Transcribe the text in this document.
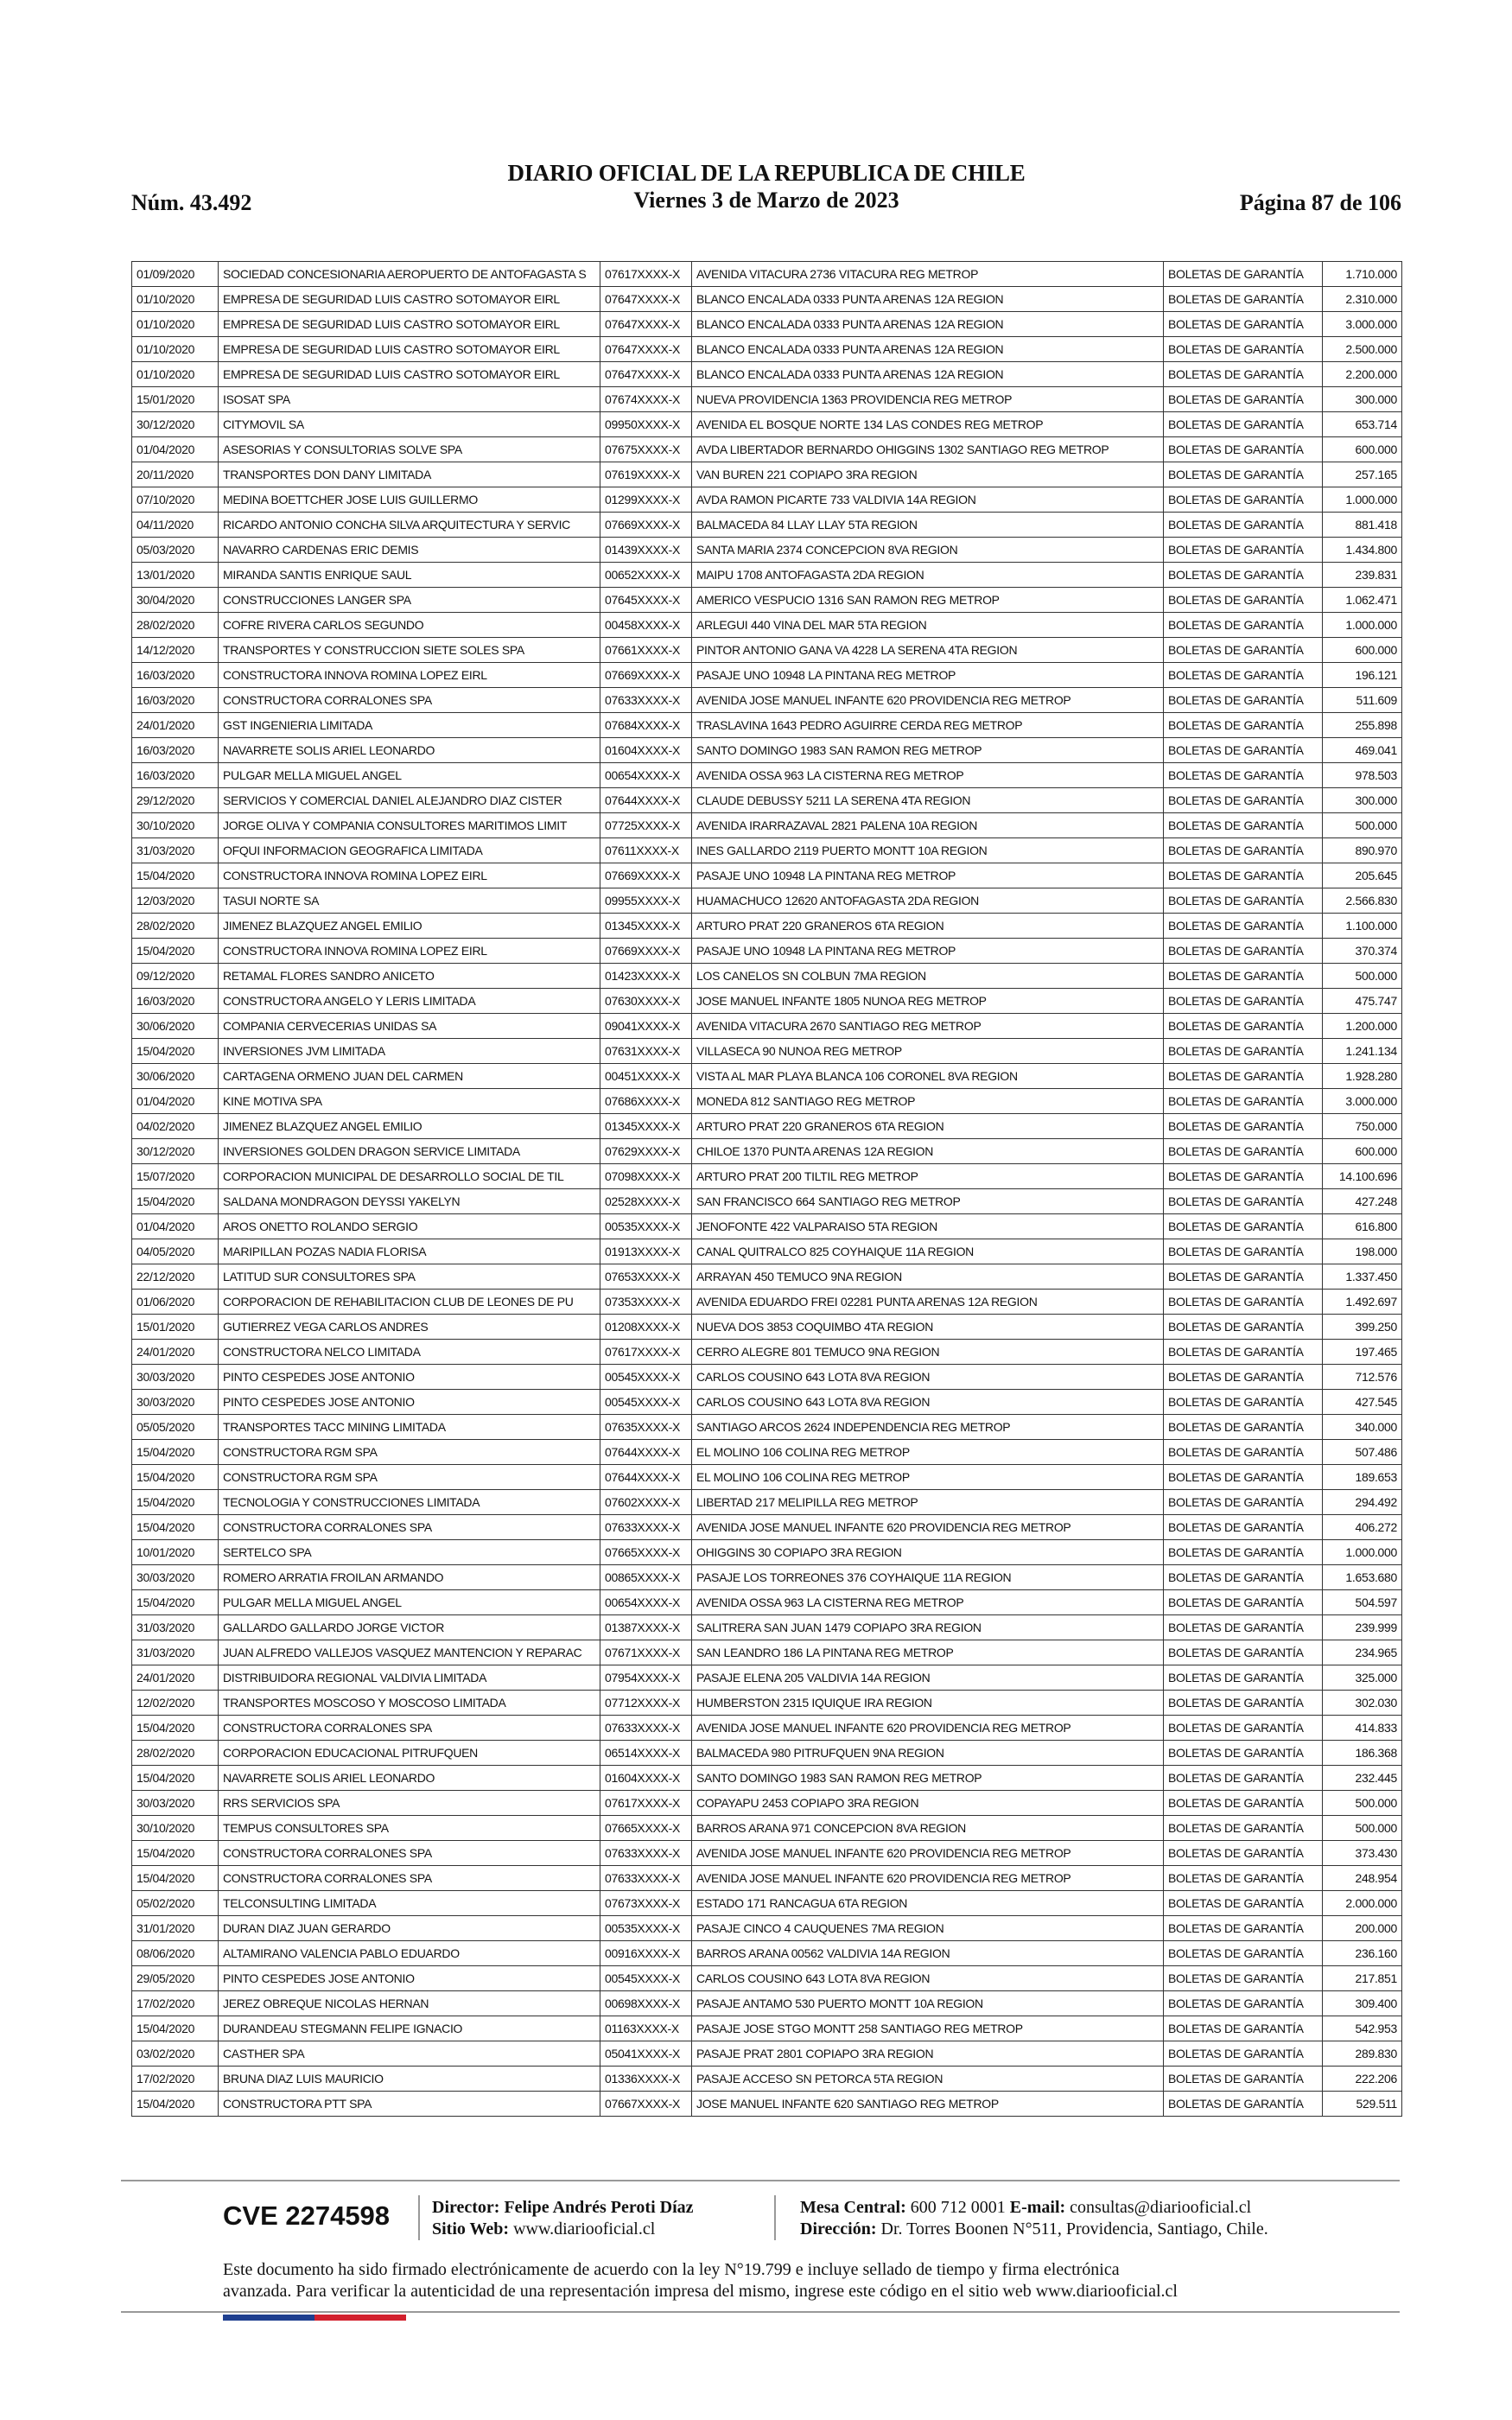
Núm. 43.492
DIARIO OFICIAL DE LA REPUBLICA DE CHILE
Viernes 3 de Marzo de 2023	Página 87 de 106
01/09/2020	SOCIEDAD CONCESIONARIA AEROPUERTO DE ANTOFAGASTA S	07617XXXX-X	AVENIDA VITACURA 2736 VITACURA REG METROP	BOLETAS DE GARANTÍA	1.710.000
01/10/2020	EMPRESA DE SEGURIDAD LUIS CASTRO SOTOMAYOR EIRL	07647XXXX-X	BLANCO ENCALADA 0333 PUNTA ARENAS 12A REGION	BOLETAS DE GARANTÍA	2.310.000
01/10/2020	EMPRESA DE SEGURIDAD LUIS CASTRO SOTOMAYOR EIRL	07647XXXX-X	BLANCO ENCALADA 0333 PUNTA ARENAS 12A REGION	BOLETAS DE GARANTÍA	3.000.000
01/10/2020	EMPRESA DE SEGURIDAD LUIS CASTRO SOTOMAYOR EIRL	07647XXXX-X	BLANCO ENCALADA 0333 PUNTA ARENAS 12A REGION	BOLETAS DE GARANTÍA	2.500.000
01/10/2020	EMPRESA DE SEGURIDAD LUIS CASTRO SOTOMAYOR EIRL	07647XXXX-X	BLANCO ENCALADA 0333 PUNTA ARENAS 12A REGION	BOLETAS DE GARANTÍA	2.200.000
15/01/2020	ISOSAT SPA	07674XXXX-X	NUEVA PROVIDENCIA 1363 PROVIDENCIA REG METROP	BOLETAS DE GARANTÍA	300.000
30/12/2020	CITYMOVIL SA	09950XXXX-X	AVENIDA EL BOSQUE NORTE 134 LAS CONDES REG METROP	BOLETAS DE GARANTÍA	653.714
01/04/2020	ASESORIAS Y CONSULTORIAS SOLVE SPA	07675XXXX-X	AVDA LIBERTADOR BERNARDO OHIGGINS 1302 SANTIAGO REG METROP	BOLETAS DE GARANTÍA	600.000
20/11/2020	TRANSPORTES DON DANY LIMITADA	07619XXXX-X	VAN BUREN 221 COPIAPO 3RA REGION	BOLETAS DE GARANTÍA	257.165
07/10/2020	MEDINA BOETTCHER JOSE LUIS GUILLERMO	01299XXXX-X	AVDA RAMON PICARTE 733 VALDIVIA 14A REGION	BOLETAS DE GARANTÍA	1.000.000
04/11/2020	RICARDO ANTONIO CONCHA SILVA ARQUITECTURA Y SERVIC	07669XXXX-X	BALMACEDA 84 LLAY LLAY 5TA REGION	BOLETAS DE GARANTÍA	881.418
05/03/2020	NAVARRO CARDENAS ERIC DEMIS	01439XXXX-X	SANTA MARIA 2374 CONCEPCION 8VA REGION	BOLETAS DE GARANTÍA	1.434.800
13/01/2020	MIRANDA SANTIS ENRIQUE SAUL	00652XXXX-X	MAIPU 1708 ANTOFAGASTA 2DA REGION	BOLETAS DE GARANTÍA	239.831
30/04/2020	CONSTRUCCIONES LANGER SPA	07645XXXX-X	AMERICO VESPUCIO 1316 SAN RAMON REG METROP	BOLETAS DE GARANTÍA	1.062.471
28/02/2020	COFRE RIVERA CARLOS SEGUNDO	00458XXXX-X	ARLEGUI 440 VINA DEL MAR 5TA REGION	BOLETAS DE GARANTÍA	1.000.000
14/12/2020	TRANSPORTES Y CONSTRUCCION SIETE SOLES SPA	07661XXXX-X	PINTOR ANTONIO GANA VA 4228 LA SERENA 4TA REGION	BOLETAS DE GARANTÍA	600.000
16/03/2020	CONSTRUCTORA INNOVA ROMINA LOPEZ EIRL	07669XXXX-X	PASAJE UNO 10948 LA PINTANA REG METROP	BOLETAS DE GARANTÍA	196.121
16/03/2020	CONSTRUCTORA CORRALONES SPA	07633XXXX-X	AVENIDA JOSE MANUEL INFANTE 620 PROVIDENCIA REG METROP	BOLETAS DE GARANTÍA	511.609
24/01/2020	GST INGENIERIA LIMITADA	07684XXXX-X	TRASLAVINA 1643 PEDRO AGUIRRE CERDA REG METROP	BOLETAS DE GARANTÍA	255.898
16/03/2020	NAVARRETE SOLIS ARIEL LEONARDO	01604XXXX-X	SANTO DOMINGO 1983 SAN RAMON REG METROP	BOLETAS DE GARANTÍA	469.041
16/03/2020	PULGAR MELLA MIGUEL ANGEL	00654XXXX-X	AVENIDA OSSA 963 LA CISTERNA REG METROP	BOLETAS DE GARANTÍA	978.503
29/12/2020	SERVICIOS Y COMERCIAL DANIEL ALEJANDRO DIAZ CISTER	07644XXXX-X	CLAUDE DEBUSSY 5211 LA SERENA 4TA REGION	BOLETAS DE GARANTÍA	300.000
30/10/2020	JORGE OLIVA Y COMPANIA CONSULTORES MARITIMOS LIMIT	07725XXXX-X	AVENIDA IRARRAZAVAL 2821 PALENA 10A REGION	BOLETAS DE GARANTÍA	500.000
31/03/2020	OFQUI INFORMACION GEOGRAFICA LIMITADA	07611XXXX-X	INES GALLARDO 2119 PUERTO MONTT 10A REGION	BOLETAS DE GARANTÍA	890.970
15/04/2020	CONSTRUCTORA INNOVA ROMINA LOPEZ EIRL	07669XXXX-X	PASAJE UNO 10948 LA PINTANA REG METROP	BOLETAS DE GARANTÍA	205.645
12/03/2020	TASUI NORTE SA	09955XXXX-X	HUAMACHUCO 12620 ANTOFAGASTA 2DA REGION	BOLETAS DE GARANTÍA	2.566.830
28/02/2020	JIMENEZ BLAZQUEZ ANGEL EMILIO	01345XXXX-X	ARTURO PRAT 220 GRANEROS 6TA REGION	BOLETAS DE GARANTÍA	1.100.000
15/04/2020	CONSTRUCTORA INNOVA ROMINA LOPEZ EIRL	07669XXXX-X	PASAJE UNO 10948 LA PINTANA REG METROP	BOLETAS DE GARANTÍA	370.374
09/12/2020	RETAMAL FLORES SANDRO ANICETO	01423XXXX-X	LOS CANELOS SN COLBUN 7MA REGION	BOLETAS DE GARANTÍA	500.000
16/03/2020	CONSTRUCTORA ANGELO Y LERIS LIMITADA	07630XXXX-X	JOSE MANUEL INFANTE 1805 NUNOA REG METROP	BOLETAS DE GARANTÍA	475.747
30/06/2020	COMPANIA CERVECERIAS UNIDAS SA	09041XXXX-X	AVENIDA VITACURA 2670 SANTIAGO REG METROP	BOLETAS DE GARANTÍA	1.200.000
15/04/2020	INVERSIONES JVM LIMITADA	07631XXXX-X	VILLASECA 90 NUNOA REG METROP	BOLETAS DE GARANTÍA	1.241.134
30/06/2020	CARTAGENA ORMENO JUAN DEL CARMEN	00451XXXX-X	VISTA AL MAR PLAYA BLANCA 106 CORONEL 8VA REGION	BOLETAS DE GARANTÍA	1.928.280
01/04/2020	KINE MOTIVA SPA	07686XXXX-X	MONEDA 812 SANTIAGO REG METROP	BOLETAS DE GARANTÍA	3.000.000
04/02/2020	JIMENEZ BLAZQUEZ ANGEL EMILIO	01345XXXX-X	ARTURO PRAT 220 GRANEROS 6TA REGION	BOLETAS DE GARANTÍA	750.000
30/12/2020	INVERSIONES GOLDEN DRAGON SERVICE LIMITADA	07629XXXX-X	CHILOE 1370 PUNTA ARENAS 12A REGION	BOLETAS DE GARANTÍA	600.000
15/07/2020	CORPORACION MUNICIPAL DE DESARROLLO SOCIAL DE TIL	07098XXXX-X	ARTURO PRAT 200 TILTIL REG METROP	BOLETAS DE GARANTÍA	14.100.696
15/04/2020	SALDANA MONDRAGON DEYSSI YAKELYN	02528XXXX-X	SAN FRANCISCO 664 SANTIAGO REG METROP	BOLETAS DE GARANTÍA	427.248
01/04/2020	AROS ONETTO ROLANDO SERGIO	00535XXXX-X	JENOFONTE 422 VALPARAISO 5TA REGION	BOLETAS DE GARANTÍA	616.800
04/05/2020	MARIPILLAN POZAS NADIA FLORISA	01913XXXX-X	CANAL QUITRALCO 825 COYHAIQUE 11A REGION	BOLETAS DE GARANTÍA	198.000
22/12/2020	LATITUD SUR CONSULTORES SPA	07653XXXX-X	ARRAYAN 450 TEMUCO 9NA REGION	BOLETAS DE GARANTÍA	1.337.450
01/06/2020	CORPORACION DE REHABILITACION CLUB DE LEONES DE PU	07353XXXX-X	AVENIDA EDUARDO FREI 02281 PUNTA ARENAS 12A REGION	BOLETAS DE GARANTÍA	1.492.697
15/01/2020	GUTIERREZ VEGA CARLOS ANDRES	01208XXXX-X	NUEVA DOS 3853 COQUIMBO 4TA REGION	BOLETAS DE GARANTÍA	399.250
24/01/2020	CONSTRUCTORA NELCO LIMITADA	07617XXXX-X	CERRO ALEGRE 801 TEMUCO 9NA REGION	BOLETAS DE GARANTÍA	197.465
30/03/2020	PINTO CESPEDES JOSE ANTONIO	00545XXXX-X	CARLOS COUSINO 643 LOTA 8VA REGION	BOLETAS DE GARANTÍA	712.576
30/03/2020	PINTO CESPEDES JOSE ANTONIO	00545XXXX-X	CARLOS COUSINO 643 LOTA 8VA REGION	BOLETAS DE GARANTÍA	427.545
05/05/2020	TRANSPORTES TACC MINING LIMITADA	07635XXXX-X	SANTIAGO ARCOS 2624 INDEPENDENCIA REG METROP	BOLETAS DE GARANTÍA	340.000
15/04/2020	CONSTRUCTORA RGM SPA	07644XXXX-X	EL MOLINO 106 COLINA REG METROP	BOLETAS DE GARANTÍA	507.486
15/04/2020	CONSTRUCTORA RGM SPA	07644XXXX-X	EL MOLINO 106 COLINA REG METROP	BOLETAS DE GARANTÍA	189.653
15/04/2020	TECNOLOGIA Y CONSTRUCCIONES LIMITADA	07602XXXX-X	LIBERTAD 217 MELIPILLA REG METROP	BOLETAS DE GARANTÍA	294.492
15/04/2020	CONSTRUCTORA CORRALONES SPA	07633XXXX-X	AVENIDA JOSE MANUEL INFANTE 620 PROVIDENCIA REG METROP	BOLETAS DE GARANTÍA	406.272
10/01/2020	SERTELCO SPA	07665XXXX-X	OHIGGINS 30 COPIAPO 3RA REGION	BOLETAS DE GARANTÍA	1.000.000
30/03/2020	ROMERO ARRATIA FROILAN ARMANDO	00865XXXX-X	PASAJE LOS TORREONES 376 COYHAIQUE 11A REGION	BOLETAS DE GARANTÍA	1.653.680
15/04/2020	PULGAR MELLA MIGUEL ANGEL	00654XXXX-X	AVENIDA OSSA 963 LA CISTERNA REG METROP	BOLETAS DE GARANTÍA	504.597
31/03/2020	GALLARDO GALLARDO JORGE VICTOR	01387XXXX-X	SALITRERA SAN JUAN 1479 COPIAPO 3RA REGION	BOLETAS DE GARANTÍA	239.999
31/03/2020	JUAN ALFREDO VALLEJOS VASQUEZ MANTENCION Y REPARAC	07671XXXX-X	SAN LEANDRO 186 LA PINTANA REG METROP	BOLETAS DE GARANTÍA	234.965
24/01/2020	DISTRIBUIDORA REGIONAL VALDIVIA LIMITADA	07954XXXX-X	PASAJE ELENA 205 VALDIVIA 14A REGION	BOLETAS DE GARANTÍA	325.000
12/02/2020	TRANSPORTES MOSCOSO Y MOSCOSO LIMITADA	07712XXXX-X	HUMBERSTON 2315 IQUIQUE IRA REGION	BOLETAS DE GARANTÍA	302.030
15/04/2020	CONSTRUCTORA CORRALONES SPA	07633XXXX-X	AVENIDA JOSE MANUEL INFANTE 620 PROVIDENCIA REG METROP	BOLETAS DE GARANTÍA	414.833
28/02/2020	CORPORACION EDUCACIONAL PITRUFQUEN	06514XXXX-X	BALMACEDA 980 PITRUFQUEN 9NA REGION	BOLETAS DE GARANTÍA	186.368
15/04/2020	NAVARRETE SOLIS ARIEL LEONARDO	01604XXXX-X	SANTO DOMINGO 1983 SAN RAMON REG METROP	BOLETAS DE GARANTÍA	232.445
30/03/2020	RRS SERVICIOS SPA	07617XXXX-X	COPAYAPU 2453 COPIAPO 3RA REGION	BOLETAS DE GARANTÍA	500.000
30/10/2020	TEMPUS CONSULTORES SPA	07665XXXX-X	BARROS ARANA 971 CONCEPCION 8VA REGION	BOLETAS DE GARANTÍA	500.000
15/04/2020	CONSTRUCTORA CORRALONES SPA	07633XXXX-X	AVENIDA JOSE MANUEL INFANTE 620 PROVIDENCIA REG METROP	BOLETAS DE GARANTÍA	373.430
15/04/2020	CONSTRUCTORA CORRALONES SPA	07633XXXX-X	AVENIDA JOSE MANUEL INFANTE 620 PROVIDENCIA REG METROP	BOLETAS DE GARANTÍA	248.954
05/02/2020	TELCONSULTING LIMITADA	07673XXXX-X	ESTADO 171 RANCAGUA 6TA REGION	BOLETAS DE GARANTÍA	2.000.000
31/01/2020	DURAN DIAZ JUAN GERARDO	00535XXXX-X	PASAJE CINCO 4 CAUQUENES 7MA REGION	BOLETAS DE GARANTÍA	200.000
08/06/2020	ALTAMIRANO VALENCIA PABLO EDUARDO	00916XXXX-X	BARROS ARANA 00562 VALDIVIA 14A REGION	BOLETAS DE GARANTÍA	236.160
29/05/2020	PINTO CESPEDES JOSE ANTONIO	00545XXXX-X	CARLOS COUSINO 643 LOTA 8VA REGION	BOLETAS DE GARANTÍA	217.851
17/02/2020	JEREZ OBREQUE NICOLAS HERNAN	00698XXXX-X	PASAJE ANTAMO 530 PUERTO MONTT 10A REGION	BOLETAS DE GARANTÍA	309.400
15/04/2020	DURANDEAU STEGMANN FELIPE IGNACIO	01163XXXX-X	PASAJE JOSE STGO MONTT 258 SANTIAGO REG METROP	BOLETAS DE GARANTÍA	542.953
03/02/2020	CASTHER SPA	05041XXXX-X	PASAJE PRAT 2801 COPIAPO 3RA REGION	BOLETAS DE GARANTÍA	289.830
17/02/2020	BRUNA DIAZ LUIS MAURICIO	01336XXXX-X	PASAJE ACCESO SN PETORCA 5TA REGION	BOLETAS DE GARANTÍA	222.206
15/04/2020	CONSTRUCTORA PTT SPA	07667XXXX-X	JOSE MANUEL INFANTE 620 SANTIAGO REG METROP	BOLETAS DE GARANTÍA	529.511
CVE 2274598 Director: Felipe Andrés Peroti Díaz
Sitio Web: www.diariooficial.cl
Mesa Central: 600 712 0001 E-mail: consultas@diariooficial.cl
Dirección: Dr. Torres Boonen N°511, Providencia, Santiago, Chile.
Este documento ha sido firmado electrónicamente de acuerdo con la ley N°19.799 e incluye sellado de tiempo y firma electrónica
avanzada. Para verificar la autenticidad de una representación impresa del mismo, ingrese este código en el sitio web www.diariooficial.cl
